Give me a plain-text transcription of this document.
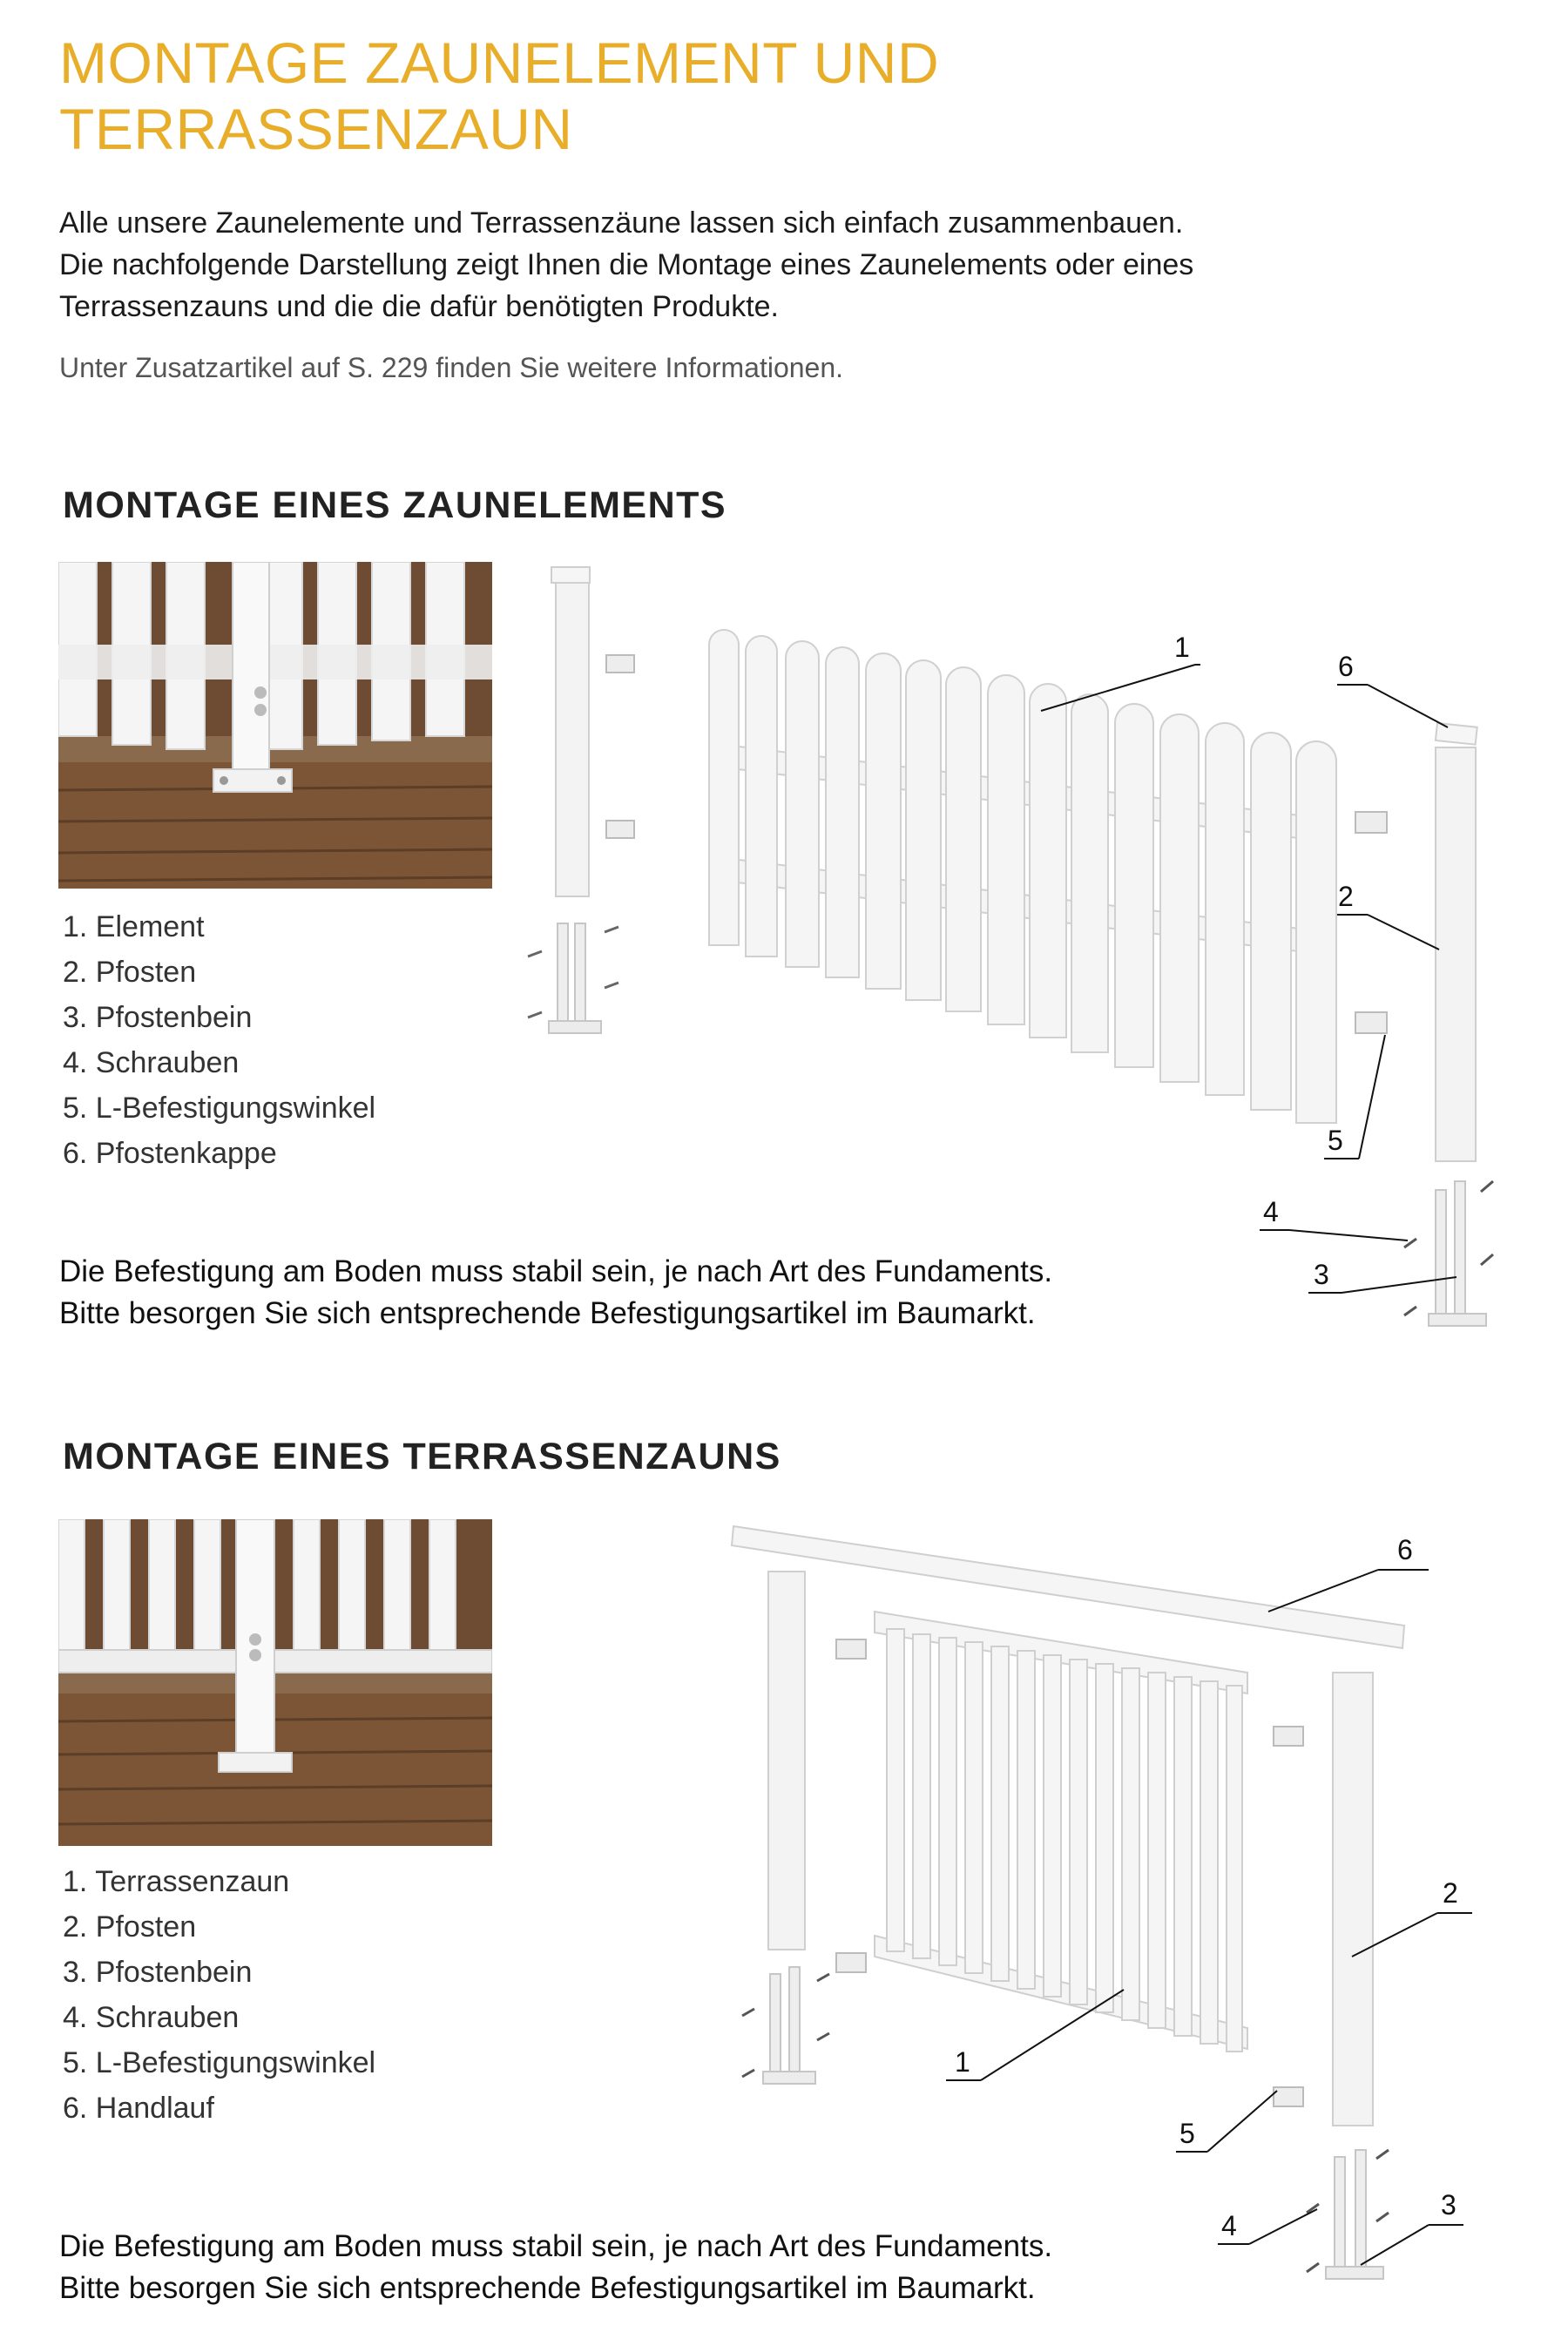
MONTAGE ZAUNELEMENT UND
TERRASSENZAUN

Alle unsere Zaunelemente und Terrassenzäune lassen sich einfach zusammenbauen.

Die nachfolgende Darstellung zeigt Ihnen die Montage eines Zaunelements oder eines

Terrassenzauns und die die dafür benötigten Produkte.

Unter Zusatzartikel auf S. 229 finden Sie weitere Informationen.
MONTAGE EINES ZAUNELEMENTS
1. Element
2. Pfosten
3. Pfostenbein
4. Schrauben
5. L-Befestigungswinkel
6. Pfostenkappe

Die Befestigung am Boden muss stabil sein, je nach Art des Fundaments.

Bitte besorgen Sie sich entsprechende Befestigungsartikel im Baumarkt.

1
6
2
5
4
3
MONTAGE EINES TERRASSENZAUNS
1. Terrassenzaun
2. Pfosten
3. Pfostenbein
4. Schrauben
5. L-Befestigungswinkel
6. Handlauf

Die Befestigung am Boden muss stabil sein, je nach Art des Fundaments.

Bitte besorgen Sie sich entsprechende Befestigungsartikel im Baumarkt.

6
2
1
5
4
3
